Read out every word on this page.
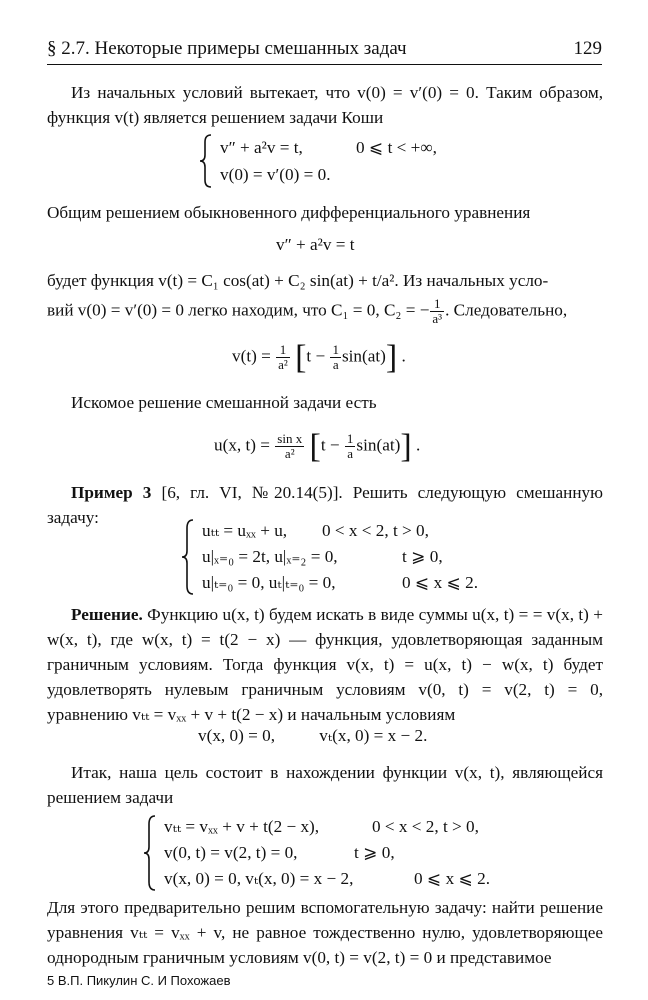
§ 2.7. Некоторые примеры смешанных задач	129
Из начальных условий вытекает, что v(0) = v′(0) = 0. Таким образом, функция v(t) является решением задачи Коши
v″ + a²v = t,	0 ⩽ t < +∞,
v(0) = v′(0) = 0.
Общим решением обыкновенного дифференциального уравнения
v″ + a²v = t
будет функция v(t) = C₁ cos(at) + C₂ sin(at) + t/a². Из начальных усло-
вий v(0) = v′(0) = 0 легко находим, что C₁ = 0, C₂ = − $\frac{1}{\text{a³}}$ . Следовательно,
$v(t) = \frac{1}{\text{a²}} [t - \frac{1}{a} \sin(at)]$ .
Искомое решение смешанной задачи есть
u(x, $t) = \frac{\text{sin x}}{\text{a²}} [t - \frac{1}{a} \sin(at)]$ .
Пример 3 [6, гл. VI, №20.14(5)]. Решить следующую смешанную задачу:
uₜₜ = uₓₓ + u, 0 < x < 2, t > 0,
u|ₓ₌₀ = 2t, u|ₓ₌₂ = 0,	t ⩾ 0,
u|ₜ₌₀ = 0, uₜ|ₜ₌₀ = 0,	0 ⩽ x ⩽ 2.
Решение. Функцию u(x, t) будем искать в виде суммы u(x, t) = = v(x, t) + w(x, t), где w(x, t) = t(2 − x) — функция, удовлетворяющая заданным граничным условиям. Тогда функция v(x, t) = u(x, t) − w(x, t) будет удовлетворять нулевым граничным условиям v(0, t) = v(2, t) = 0, уравнению vₜₜ = vₓₓ + v + t(2 − x) и начальным условиям
v(x, 0) = 0,	vₜ(x, 0) = x − 2.
Итак, наша цель состоит в нахождении функции v(x, t), являющейся решением задачи
vₜₜ = vₓₓ + v + t(2 − x),	0 < x < 2, t > 0,
v(0, t) = v(2, t) = 0,	t ⩾ 0,
v(x, 0) = 0, vₜ(x, 0) = x − 2,	0 ⩽ x ⩽ 2.
Для этого предварительно решим вспомогательную задачу: найти решение уравнения vₜₜ = vₓₓ + v, не равное тождественно нулю, удовлетворяющее однородным граничным условиям v(0, t) = v(2, t) = 0 и представимое
5 В.П. Пикулин С. И Похожаев
